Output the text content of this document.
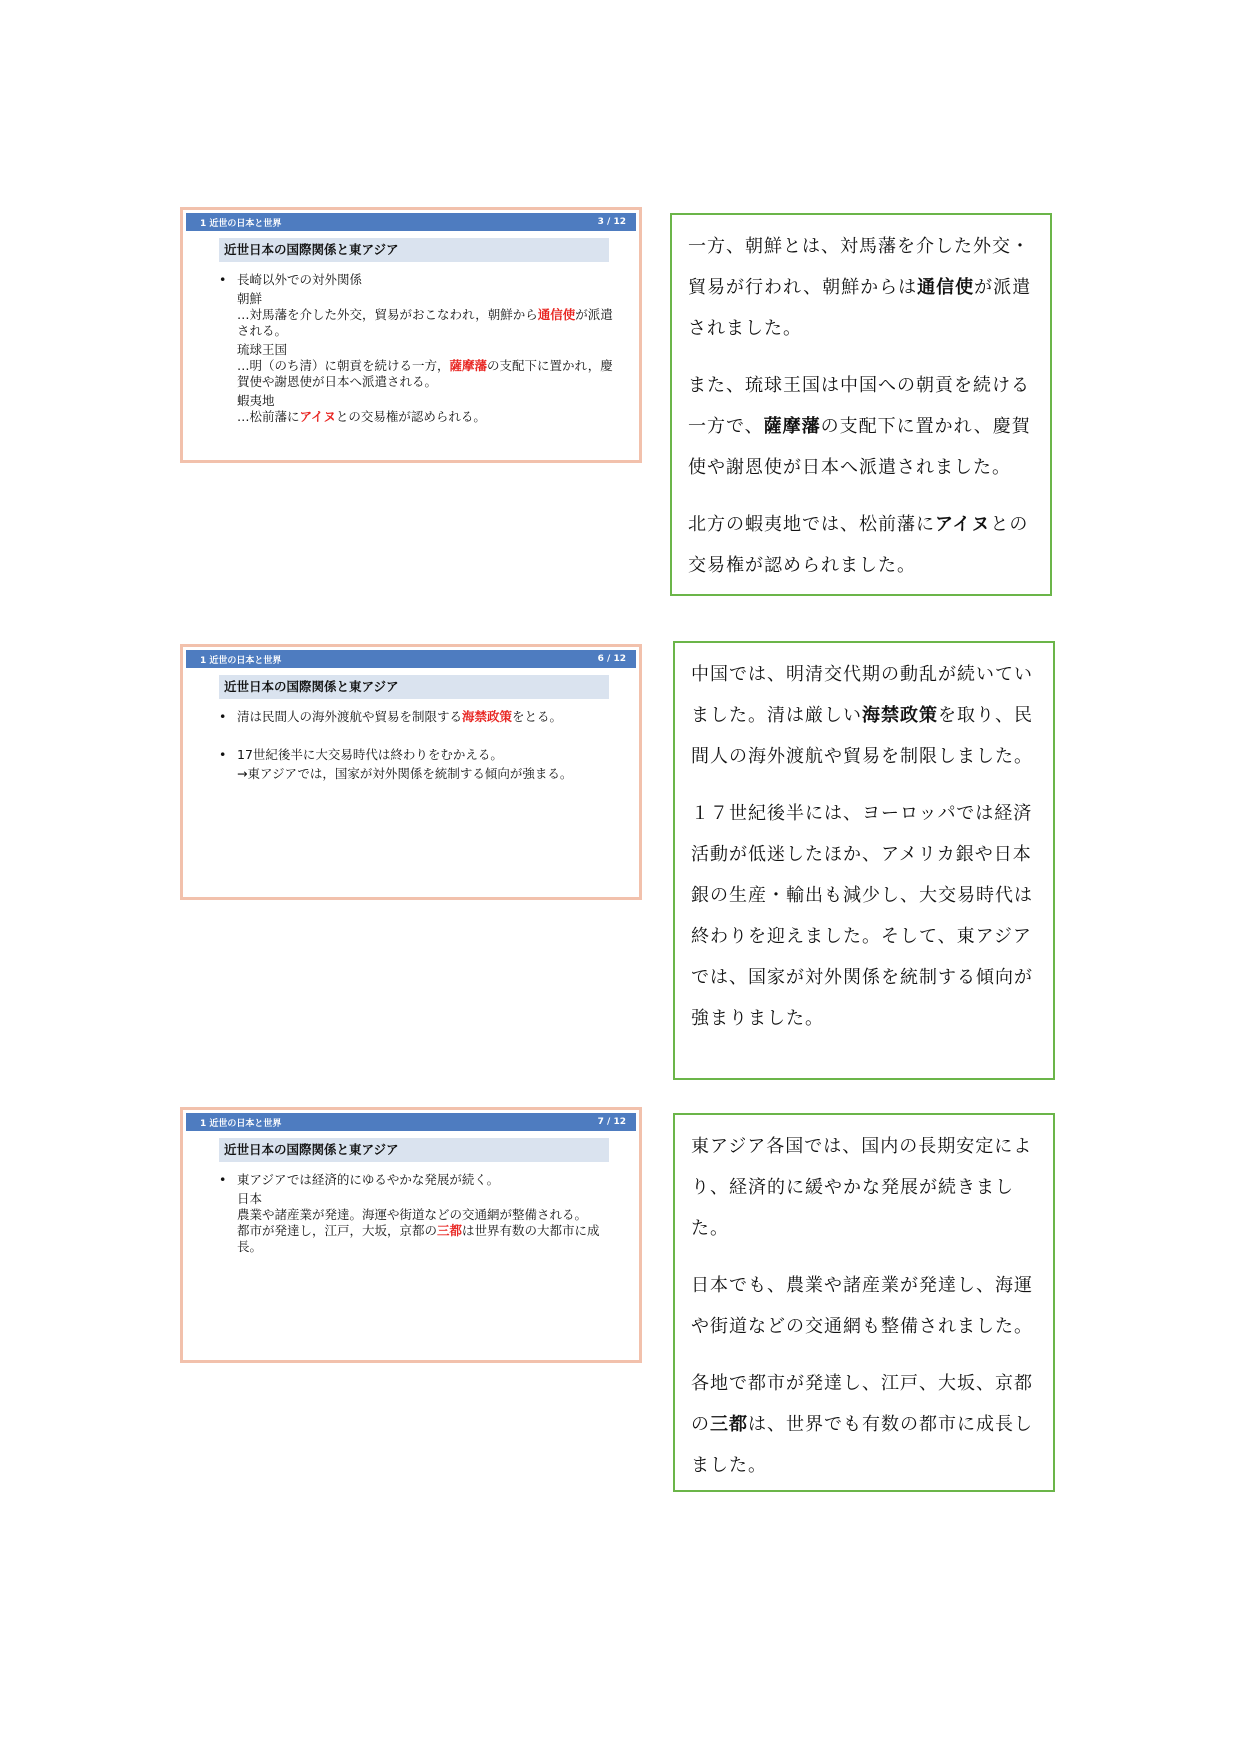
1 近世の日本と世界	3 / 12
近世日本の国際関係と東アジア
• 長崎以外での対外関係
朝鮮
…対馬藩を介した外交，貿易がおこなわれ，朝鮮から通信使が派遣される。
琉球王国
…明（のち清）に朝貢を続ける一方，薩摩藩の支配下に置かれ，慶賀使や謝恩使が日本へ派遣される。
蝦夷地
…松前藩にアイヌとの交易権が認められる。

一方、朝鮮とは、対馬藩を介した外交・貿易が行われ、朝鮮からは通信使が派遣されました。

また、琉球王国は中国への朝貢を続ける一方で、薩摩藩の支配下に置かれ、慶賀使や謝恩使が日本へ派遣されました。

北方の蝦夷地では、松前藩にアイヌとの交易権が認められました。

1 近世の日本と世界	6 / 12
近世日本の国際関係と東アジア
• 清は民間人の海外渡航や貿易を制限する海禁政策をとる。
• 17世紀後半に大交易時代は終わりをむかえる。
→東アジアでは，国家が対外関係を統制する傾向が強まる。

中国では、明清交代期の動乱が続いていました。清は厳しい海禁政策を取り、民間人の海外渡航や貿易を制限しました。

１７世紀後半には、ヨーロッパでは経済活動が低迷したほか、アメリカ銀や日本銀の生産・輸出も減少し、大交易時代は終わりを迎えました。そして、東アジアでは、国家が対外関係を統制する傾向が強まりました。

1 近世の日本と世界	7 / 12
近世日本の国際関係と東アジア
• 東アジアでは経済的にゆるやかな発展が続く。
日本
農業や諸産業が発達。海運や街道などの交通網が整備される。
都市が発達し，江戸，大坂，京都の三都は世界有数の大都市に成長。

東アジア各国では、国内の長期安定により、経済的に緩やかな発展が続きました。

日本でも、農業や諸産業が発達し、海運や街道などの交通網も整備されました。

各地で都市が発達し、江戸、大坂、京都の三都は、世界でも有数の都市に成長しました。
